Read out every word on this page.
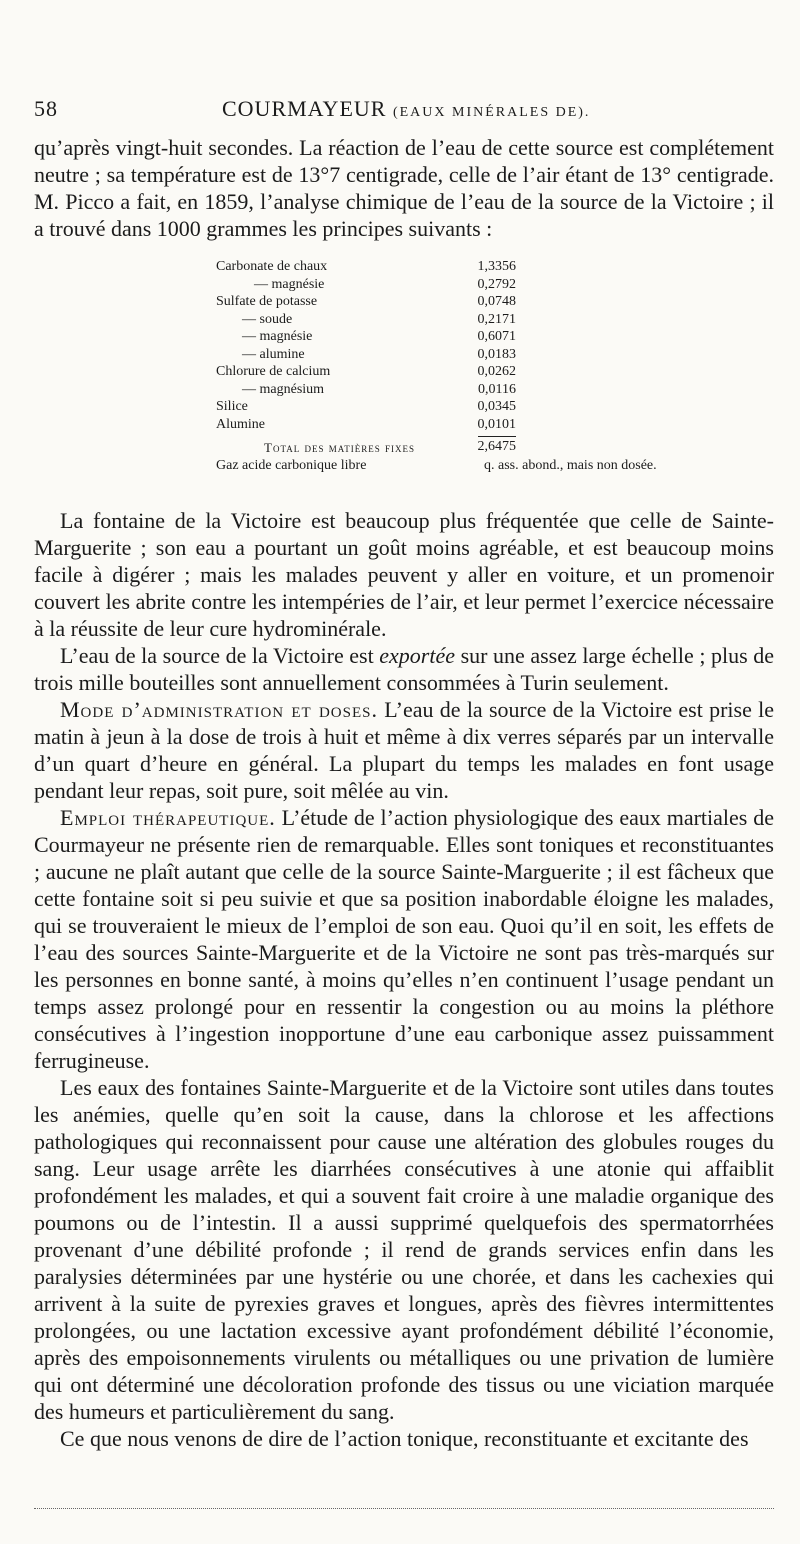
58	COURMAYEUR (EAUX MINÉRALES DE).

qu’après vingt-huit secondes. La réaction de l’eau de cette source est complétement neutre ; sa température est de 13°7 centigrade, celle de l’air étant de 13° centigrade. M. Picco a fait, en 1859, l’analyse chimique de l’eau de la source de la Victoire ; il a trouvé dans 1000 grammes les principes suivants :

Carbonate de chaux	1,3356
— magnésie	0,2792
Sulfate de potasse	0,0748
— soude	0,2171
— magnésie	0,6071
— alumine	0,0183
Chlorure de calcium	0,0262
— magnésium	0,0116
Silice	0,0345
Alumine	0,0101
Total des matières fixes	2,6475
Gaz acide carbonique libre	q. ass. abond., mais non dosée.

La fontaine de la Victoire est beaucoup plus fréquentée que celle de Sainte-Marguerite ; son eau a pourtant un goût moins agréable, et est beaucoup moins facile à digérer ; mais les malades peuvent y aller en voiture, et un promenoir couvert les abrite contre les intempéries de l’air, et leur permet l’exercice nécessaire à la réussite de leur cure hydrominérale.

L’eau de la source de la Victoire est exportée sur une assez large échelle ; plus de trois mille bouteilles sont annuellement consommées à Turin seulement.

Mode d’administration et doses. L’eau de la source de la Victoire est prise le matin à jeun à la dose de trois à huit et même à dix verres séparés par un intervalle d’un quart d’heure en général. La plupart du temps les malades en font usage pendant leur repas, soit pure, soit mêlée au vin.

Emploi thérapeutique. L’étude de l’action physiologique des eaux martiales de Courmayeur ne présente rien de remarquable. Elles sont toniques et reconstituantes ; aucune ne plaît autant que celle de la source Sainte-Marguerite ; il est fâcheux que cette fontaine soit si peu suivie et que sa position inabordable éloigne les malades, qui se trouveraient le mieux de l’emploi de son eau. Quoi qu’il en soit, les effets de l’eau des sources Sainte-Marguerite et de la Victoire ne sont pas très-marqués sur les personnes en bonne santé, à moins qu’elles n’en continuent l’usage pendant un temps assez prolongé pour en ressentir la congestion ou au moins la pléthore consécutives à l’ingestion inopportune d’une eau carbonique assez puissamment ferrugineuse.

Les eaux des fontaines Sainte-Marguerite et de la Victoire sont utiles dans toutes les anémies, quelle qu’en soit la cause, dans la chlorose et les affections pathologiques qui reconnaissent pour cause une altération des globules rouges du sang. Leur usage arrête les diarrhées consécutives à une atonie qui affaiblit profondément les malades, et qui a souvent fait croire à une maladie organique des poumons ou de l’intestin. Il a aussi supprimé quelquefois des spermatorrhées provenant d’une débilité profonde ; il rend de grands services enfin dans les paralysies déterminées par une hystérie ou une chorée, et dans les cachexies qui arrivent à la suite de pyrexies graves et longues, après des fièvres intermittentes prolongées, ou une lactation excessive ayant profondément débilité l’économie, après des empoisonnements virulents ou métalliques ou une privation de lumière qui ont déterminé une décoloration profonde des tissus ou une viciation marquée des humeurs et particulièrement du sang.

Ce que nous venons de dire de l’action tonique, reconstituante et excitante des
